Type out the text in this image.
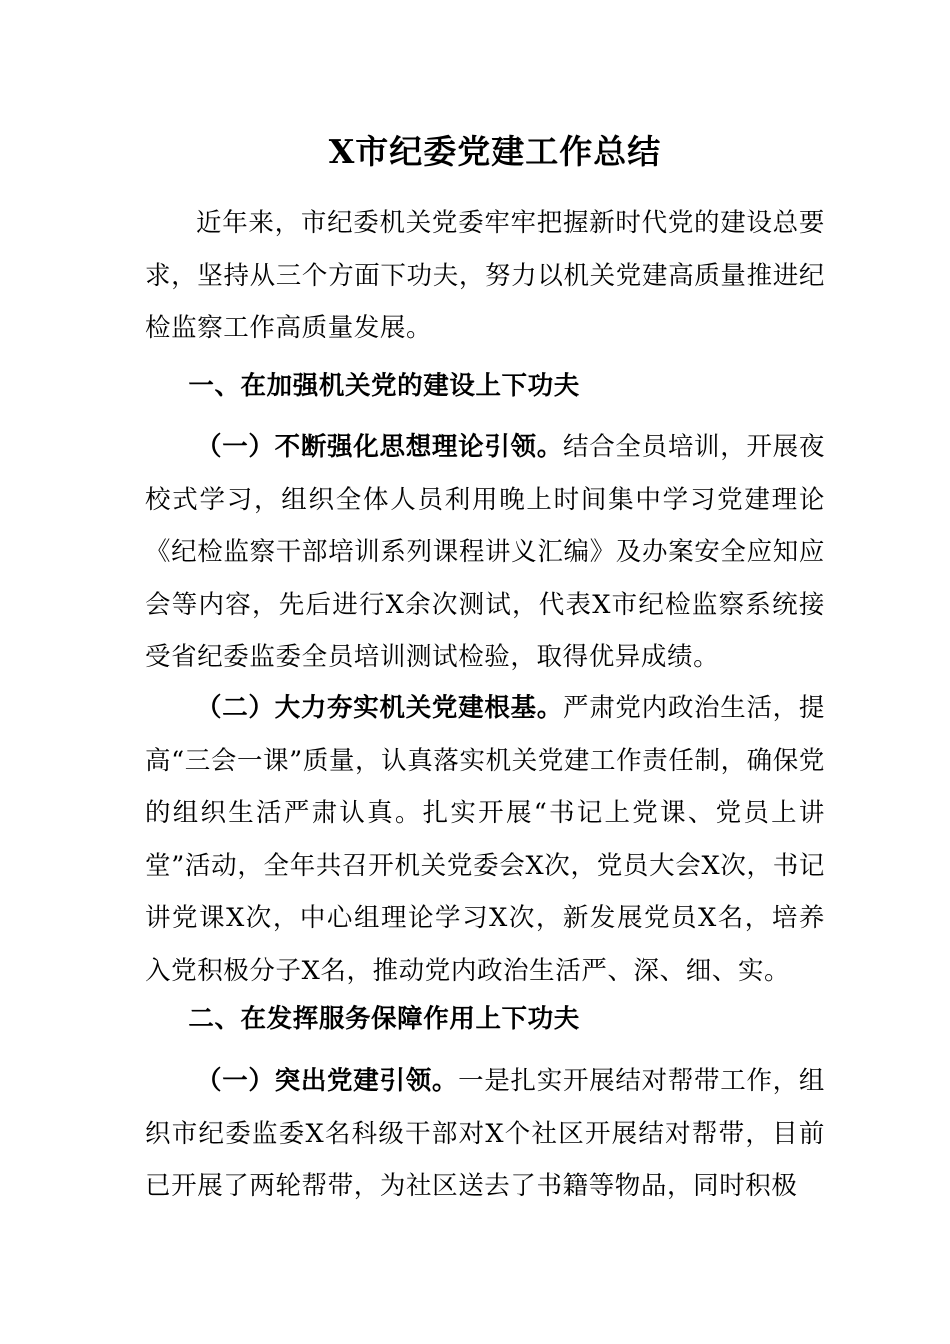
X市纪委党建工作总结

近年来，市纪委机关党委牢牢把握新时代党的建设总要求，坚持从三个方面下功夫，努力以机关党建高质量推进纪检监察工作高质量发展。

一、在加强机关党的建设上下功夫

（一）不断强化思想理论引领。结合全员培训，开展夜校式学习，组织全体人员利用晚上时间集中学习党建理论《纪检监察干部培训系列课程讲义汇编》及办案安全应知应会等内容，先后进行X余次测试，代表X市纪检监察系统接受省纪委监委全员培训测试检验，取得优异成绩。

（二）大力夯实机关党建根基。严肃党内政治生活，提高“三会一课”质量，认真落实机关党建工作责任制，确保党的组织生活严肃认真。扎实开展“书记上党课、党员上讲堂”活动，全年共召开机关党委会X次，党员大会X次，书记讲党课X次，中心组理论学习X次，新发展党员X名，培养入党积极分子X名，推动党内政治生活严、深、细、实。

二、在发挥服务保障作用上下功夫

（一）突出党建引领。一是扎实开展结对帮带工作，组织市纪委监委X名科级干部对X个社区开展结对帮带，目前已开展了两轮帮带，为社区送去了书籍等物品，同时积极
